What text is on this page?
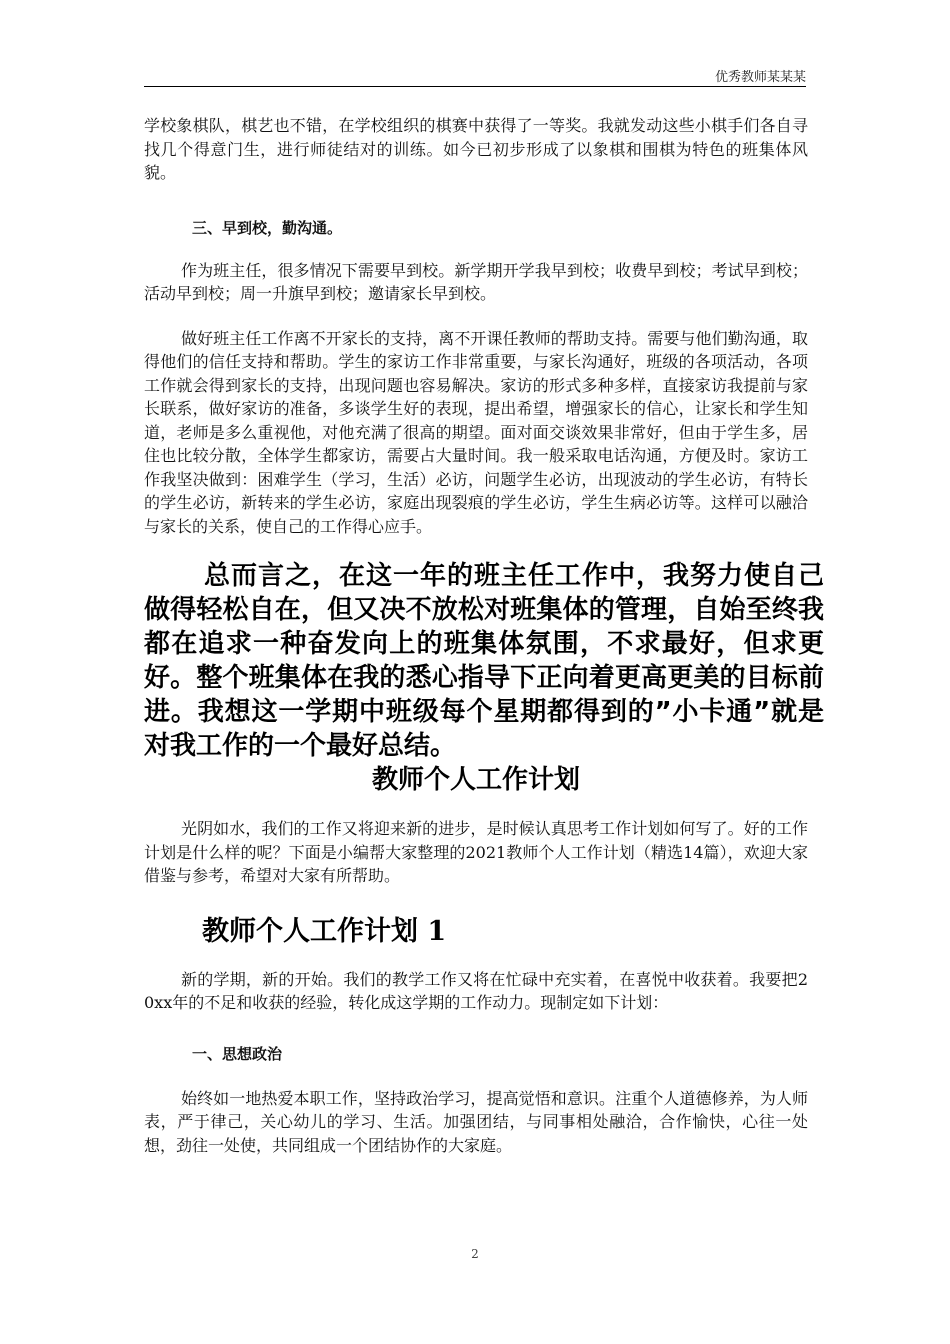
优秀教师某某某

学校象棋队，棋艺也不错，在学校组织的棋赛中获得了一等奖。我就发动这些小棋手们各自寻找几个得意门生，进行师徒结对的训练。如今已初步形成了以象棋和围棋为特色的班集体风貌。

三、早到校，勤沟通。

作为班主任，很多情况下需要早到校。新学期开学我早到校；收费早到校；考试早到校；活动早到校；周一升旗早到校；邀请家长早到校。

做好班主任工作离不开家长的支持，离不开课任教师的帮助支持。需要与他们勤沟通，取得他们的信任支持和帮助。学生的家访工作非常重要，与家长沟通好，班级的各项活动，各项工作就会得到家长的支持，出现问题也容易解决。家访的形式多种多样，直接家访我提前与家长联系，做好家访的准备，多谈学生好的表现，提出希望，增强家长的信心，让家长和学生知道，老师是多么重视他，对他充满了很高的期望。面对面交谈效果非常好，但由于学生多，居住也比较分散，全体学生都家访，需要占大量时间。我一般采取电话沟通，方便及时。家访工作我坚决做到：困难学生（学习，生活）必访，问题学生必访，出现波动的学生必访，有特长的学生必访，新转来的学生必访，家庭出现裂痕的学生必访，学生生病必访等。这样可以融洽与家长的关系，使自己的工作得心应手。

总而言之，在这一年的班主任工作中，我努力使自己做得轻松自在，但又决不放松对班集体的管理，自始至终我都在追求一种奋发向上的班集体氛围，不求最好，但求更好。整个班集体在我的悉心指导下正向着更高更美的目标前进。我想这一学期中班级每个星期都得到的”小卡通”就是对我工作的一个最好总结。

教师个人工作计划

光阴如水，我们的工作又将迎来新的进步，是时候认真思考工作计划如何写了。好的工作计划是什么样的呢？下面是小编帮大家整理的2021教师个人工作计划（精选14篇），欢迎大家借鉴与参考，希望对大家有所帮助。

教师个人工作计划 1

新的学期，新的开始。我们的教学工作又将在忙碌中充实着，在喜悦中收获着。我要把20xx年的不足和收获的经验，转化成这学期的工作动力。现制定如下计划：

一、思想政治

始终如一地热爱本职工作，坚持政治学习，提高觉悟和意识。注重个人道德修养，为人师表，严于律己，关心幼儿的学习、生活。加强团结，与同事相处融洽，合作愉快，心往一处想，劲往一处使，共同组成一个团结协作的大家庭。

2
